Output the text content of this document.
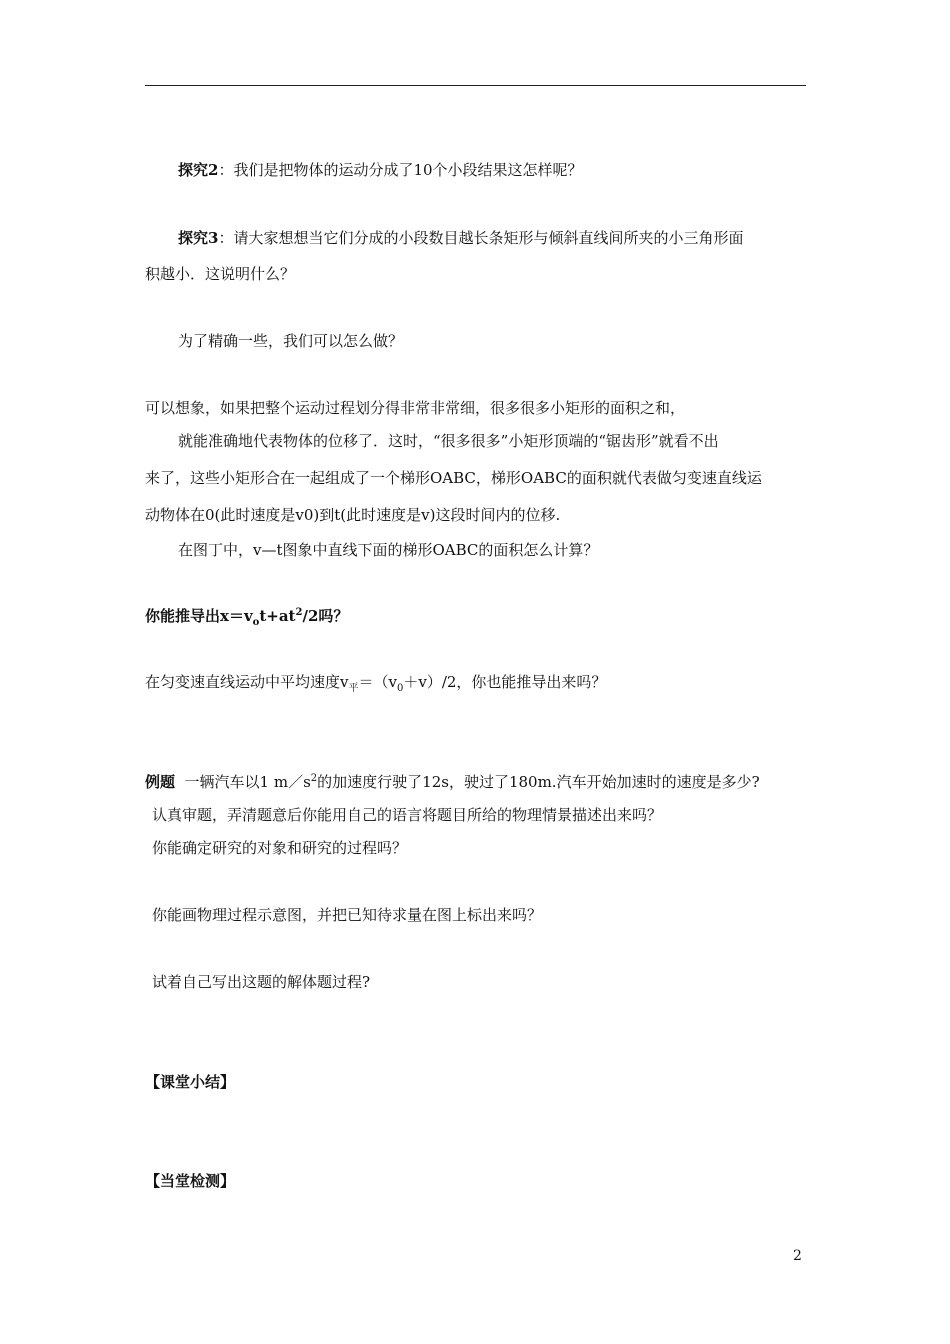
探究2：我们是把物体的运动分成了10个小段结果这怎样呢？
探究3：请大家想想当它们分成的小段数目越长条矩形与倾斜直线间所夹的小三角形面
积越小．这说明什么？
为了精确一些，我们可以怎么做？
可以想象，如果把整个运动过程划分得非常非常细，很多很多小矩形的面积之和，
就能准确地代表物体的位移了．这时，“很多很多”小矩形顶端的“锯齿形”就看不出
来了，这些小矩形合在一起组成了一个梯形OABC，梯形OABC的面积就代表做匀变速直线运
动物体在0(此时速度是v0)到t(此时速度是v)这段时间内的位移.
在图丁中，v—t图象中直线下面的梯形OABC的面积怎么计算？
你能推导出$x=v_ot+at^2/2$吗？
在匀变速直线运动中平均速度$v_平=(v_0+v)/2$，你也能推导出来吗？
例题  一辆汽车以1 $m/s^2$的加速度行驶了12s，驶过了180m.汽车开始加速时的速度是多少?
认真审题，弄清题意后你能用自己的语言将题目所给的物理情景描述出来吗？
你能确定研究的对象和研究的过程吗？
你能画物理过程示意图，并把已知待求量在图上标出来吗？
试着自己写出这题的解体题过程?
【课堂小结】
【当堂检测】
2
